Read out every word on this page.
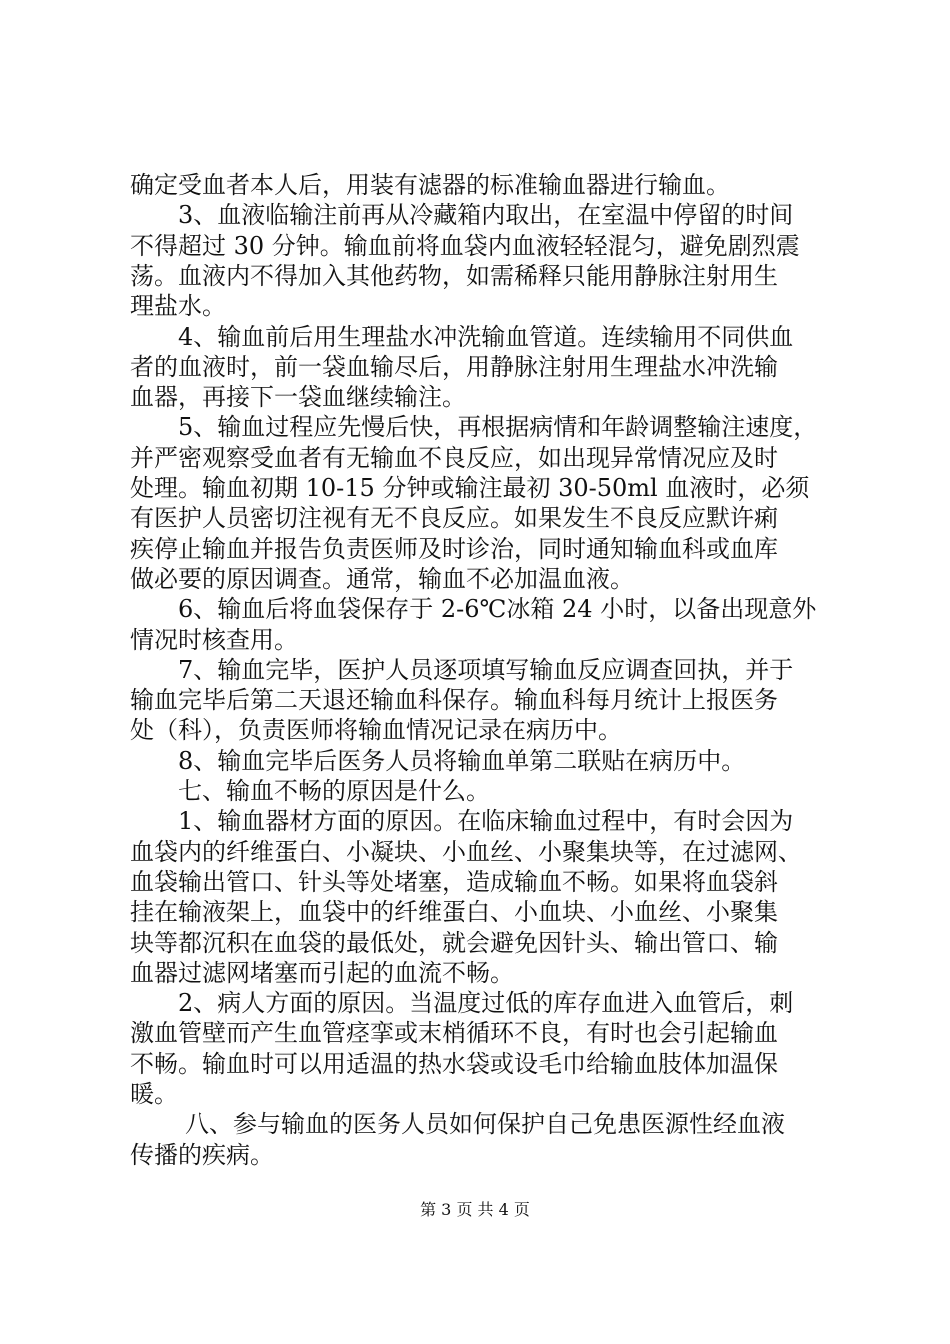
确定受血者本人后，用装有滤器的标准输血器进行输血。
3、血液临输注前再从冷藏箱内取出，在室温中停留的时间
不得超过 30 分钟。输血前将血袋内血液轻轻混匀，避免剧烈震
荡。血液内不得加入其他药物，如需稀释只能用静脉注射用生
理盐水。
4、输血前后用生理盐水冲洗输血管道。连续输用不同供血
者的血液时，前一袋血输尽后，用静脉注射用生理盐水冲洗输
血器，再接下一袋血继续输注。
5、输血过程应先慢后快，再根据病情和年龄调整输注速度，
并严密观察受血者有无输血不良反应，如出现异常情况应及时
处理。输血初期 10-15 分钟或输注最初 30-50ml 血液时，必须
有医护人员密切注视有无不良反应。如果发生不良反应默许痢
疾停止输血并报告负责医师及时诊治，同时通知输血科或血库
做必要的原因调查。通常，输血不必加温血液。
6、输血后将血袋保存于 2-6℃冰箱 24 小时，以备出现意外
情况时核查用。
7、输血完毕，医护人员逐项填写输血反应调查回执，并于
输血完毕后第二天退还输血科保存。输血科每月统计上报医务
处（科），负责医师将输血情况记录在病历中。
8、输血完毕后医务人员将输血单第二联贴在病历中。
七、输血不畅的原因是什么。
1、输血器材方面的原因。在临床输血过程中，有时会因为
血袋内的纤维蛋白、小凝块、小血丝、小聚集块等，在过滤网、
血袋输出管口、针头等处堵塞，造成输血不畅。如果将血袋斜
挂在输液架上，血袋中的纤维蛋白、小血块、小血丝、小聚集
块等都沉积在血袋的最低处，就会避免因针头、输出管口、输
血器过滤网堵塞而引起的血流不畅。
2、病人方面的原因。当温度过低的库存血进入血管后，刺
激血管壁而产生血管痉挛或末梢循环不良，有时也会引起输血
不畅。输血时可以用适温的热水袋或设毛巾给输血肢体加温保
暖。
八、参与输血的医务人员如何保护自己免患医源性经血液
传播的疾病。
第 3 页 共 4 页
